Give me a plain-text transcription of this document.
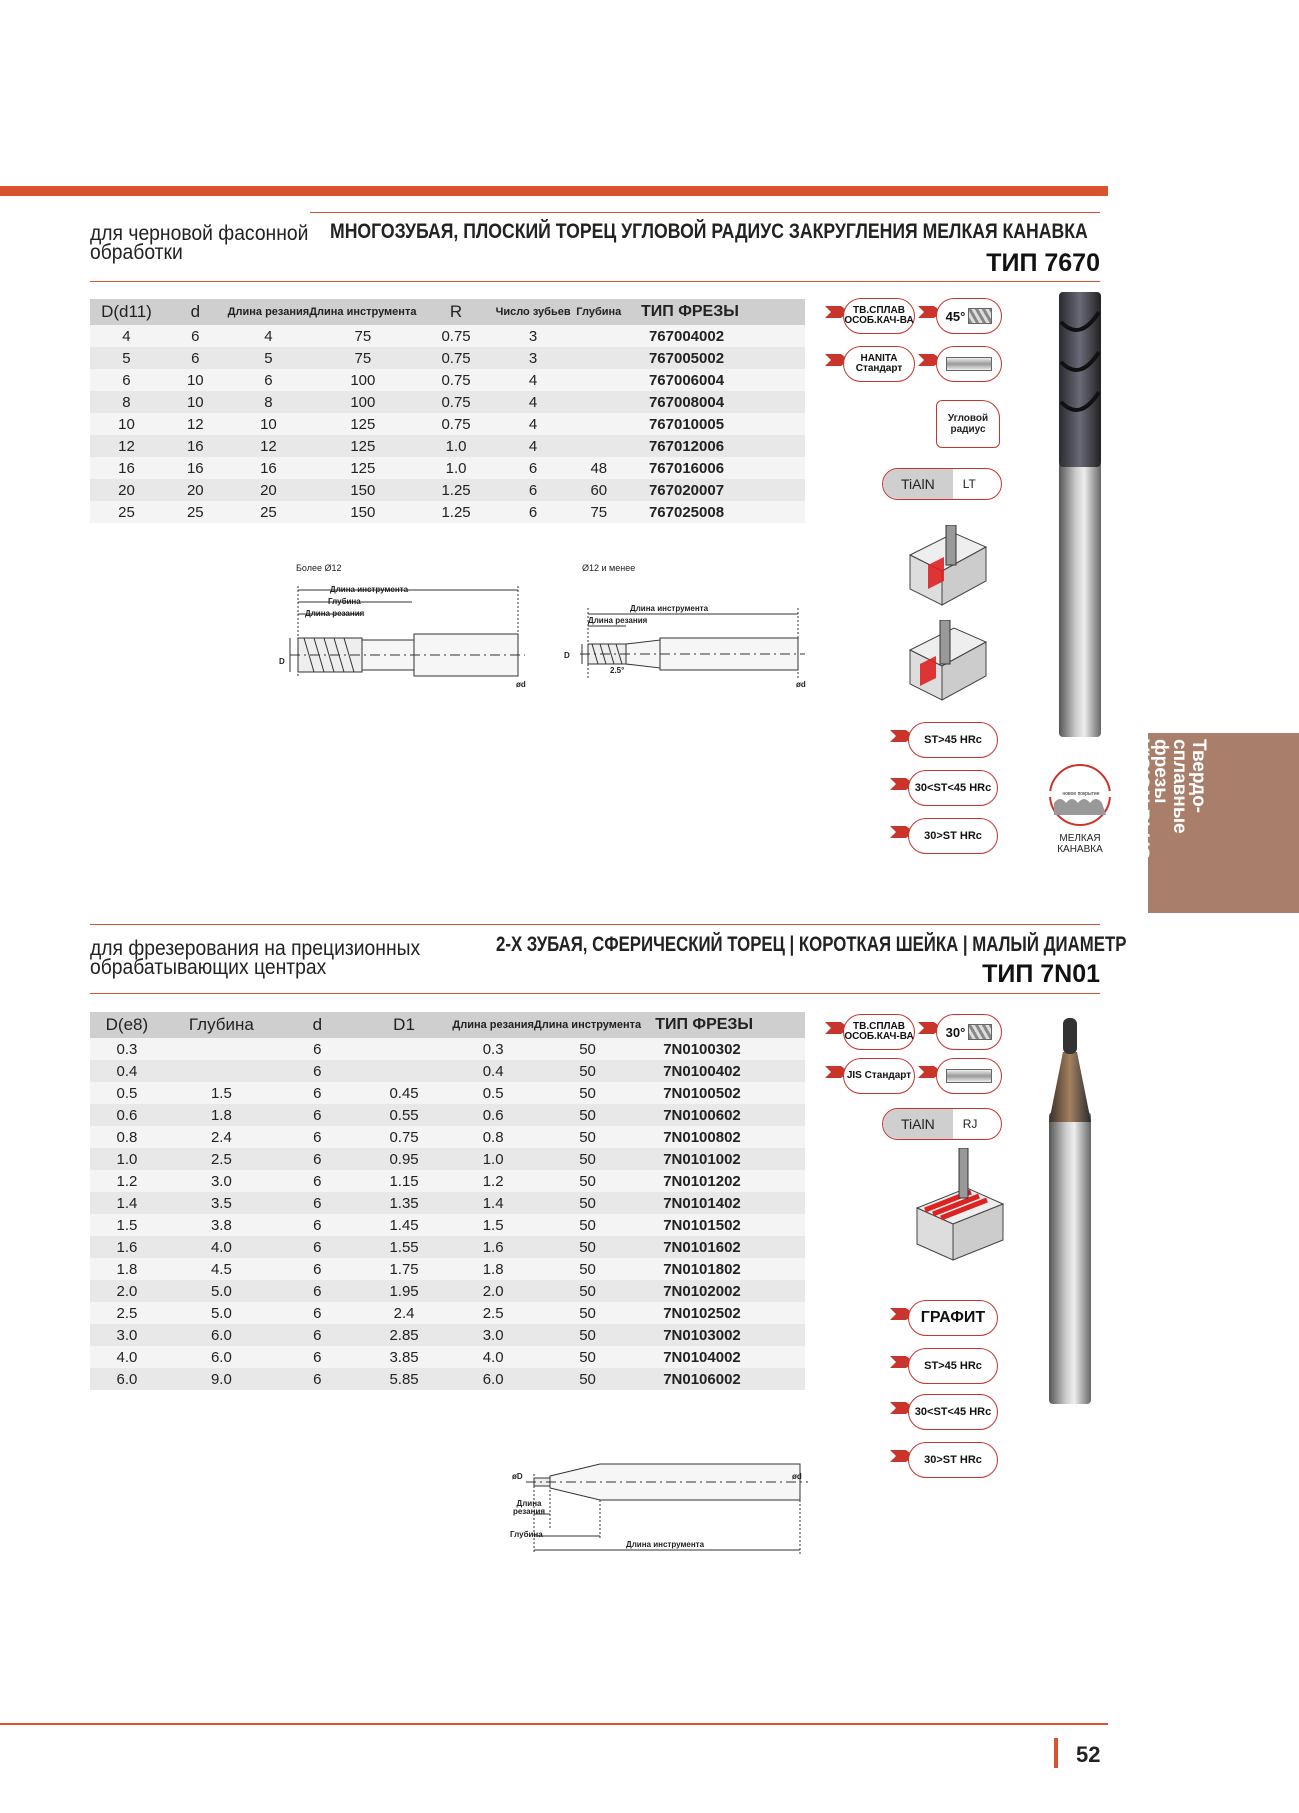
для черновой фасонной
обработки
МНОГОЗУБАЯ, ПЛОСКИЙ ТОРЕЦ УГЛОВОЙ РАДИУС ЗАКРУГЛЕНИЯ МЕЛКАЯ КАНАВКА
ТИП 7670
D(d11)	d	Длина резания	Длина инструмента	R	Число зубьев	Глубина	ТИП ФРЕЗЫ
4	6	4	75	0.75	3		767004002
5	6	5	75	0.75	3		767005002
6	10	6	100	0.75	4		767006004
8	10	8	100	0.75	4		767008004
10	12	10	125	0.75	4		767010005
12	16	12	125	1.0	4		767012006
16	16	16	125	1.0	6	48	767016006
20	20	20	150	1.25	6	60	767020007
25	25	25	150	1.25	6	75	767025008
ТВ.СПЛАВ ОСОБ.КАЧ-ВА 45°
HANITA Стандарт
Угловой радиус
TiAlN	LT
ST>45 HRc
30<ST<45 HRc
30>ST HRc
новое покрытие
МЕЛКАЯ КАНАВКА
Более Ø12	Ø12 и менее
Длина инструмента
Глубина
Длина резания
D
ød
Длина инструмента
Длина резания
D
2.5°
ød
Твердо-
сплавные
фрезы
VISION PLUS
для фрезерования на прецизионных
обрабатывающих центрах
2-Х ЗУБАЯ, СФЕРИЧЕСКИЙ ТОРЕЦ | КОРОТКАЯ ШЕЙКА | МАЛЫЙ ДИАМЕТР
ТИП 7N01
D(e8)	Глубина	d	D1	Длина резания	Длина инструмента	ТИП ФРЕЗЫ
0.3		6		0.3	50	7N0100302
0.4		6		0.4	50	7N0100402
0.5	1.5	6	0.45	0.5	50	7N0100502
0.6	1.8	6	0.55	0.6	50	7N0100602
0.8	2.4	6	0.75	0.8	50	7N0100802
1.0	2.5	6	0.95	1.0	50	7N0101002
1.2	3.0	6	1.15	1.2	50	7N0101202
1.4	3.5	6	1.35	1.4	50	7N0101402
1.5	3.8	6	1.45	1.5	50	7N0101502
1.6	4.0	6	1.55	1.6	50	7N0101602
1.8	4.5	6	1.75	1.8	50	7N0101802
2.0	5.0	6	1.95	2.0	50	7N0102002
2.5	5.0	6	2.4	2.5	50	7N0102502
3.0	6.0	6	2.85	3.0	50	7N0103002
4.0	6.0	6	3.85	4.0	50	7N0104002
6.0	9.0	6	5.85	6.0	50	7N0106002
ТВ.СПЛАВ ОСОБ.КАЧ-ВА 30°
JIS Стандарт
TiAlN	RJ
ГРАФИТ
ST>45 HRc
30<ST<45 HRc
30>ST HRc
øD	ød
Длина резания
Глубина
Длина инструмента
52
